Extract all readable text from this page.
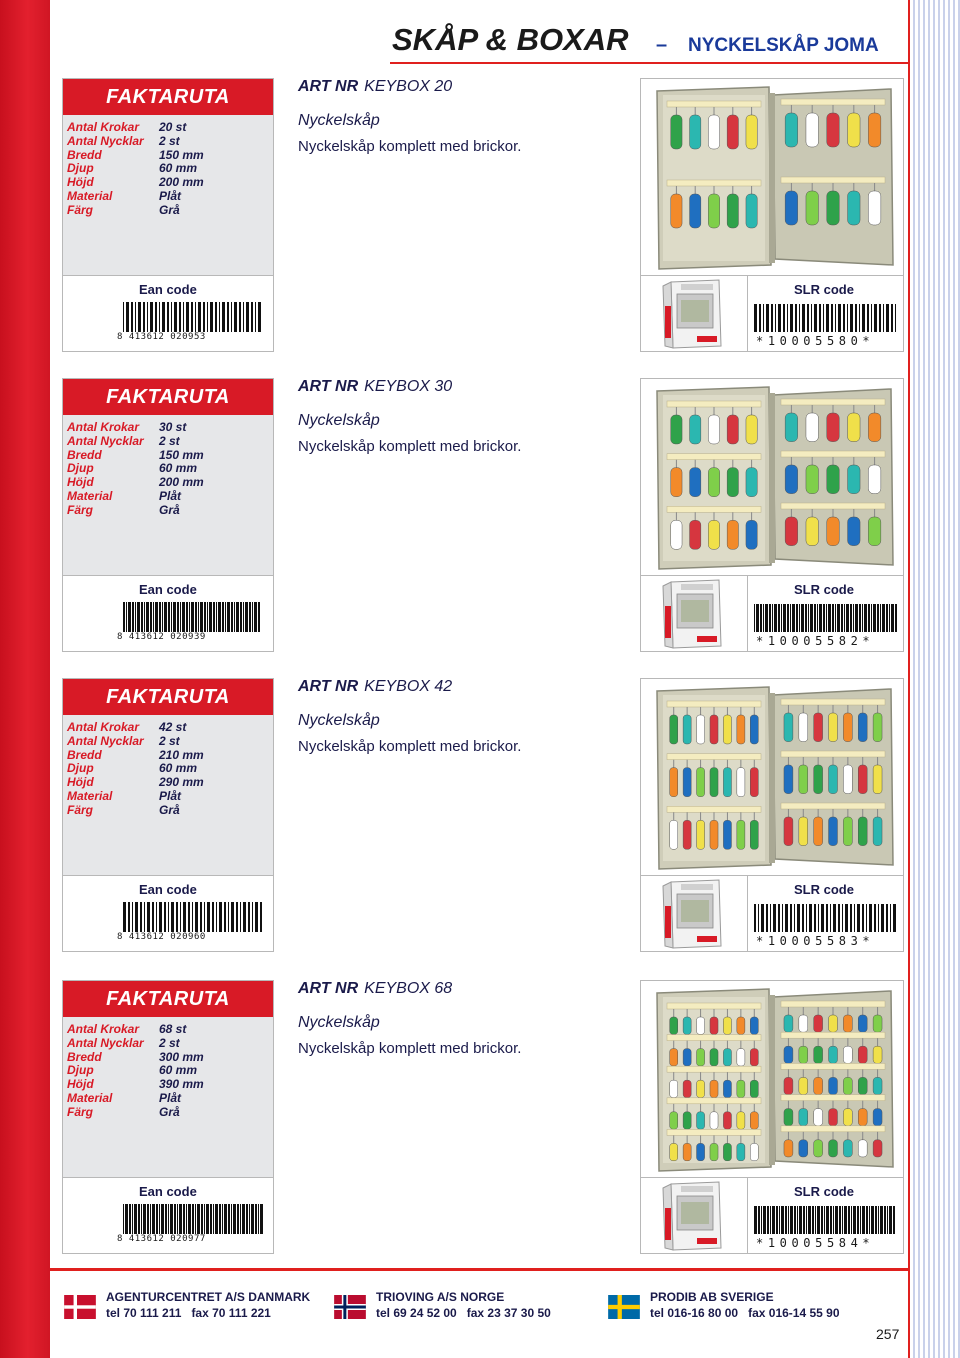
SKÅP & BOXAR – NYCKELSKÅP JOMA
FAKTARUTA
Antal Krokar	20 st
Antal Nycklar	2 st
Bredd	150 mm
Djup	60 mm
Höjd	200 mm
Material	Plåt
Färg	Grå
ART NR KEYBOX 20
Nyckelskåp
Nyckelskåp komplett med brickor.
Ean code
8 413612 020953
SLR code
*10005580*
FAKTARUTA
Antal Krokar	30 st
Antal Nycklar	2 st
Bredd	150 mm
Djup	60 mm
Höjd	200 mm
Material	Plåt
Färg	Grå
ART NR KEYBOX 30
Nyckelskåp
Nyckelskåp komplett med brickor.
Ean code
8 413612 020939
SLR code
*10005582*
FAKTARUTA
Antal Krokar	42 st
Antal Nycklar	2 st
Bredd	210 mm
Djup	60 mm
Höjd	290 mm
Material	Plåt
Färg	Grå
ART NR KEYBOX 42
Nyckelskåp
Nyckelskåp komplett med brickor.
Ean code
8 413612 020960
SLR code
*10005583*
FAKTARUTA
Antal Krokar	68 st
Antal Nycklar	2 st
Bredd	300 mm
Djup	60 mm
Höjd	390 mm
Material	Plåt
Färg	Grå
ART NR KEYBOX 68
Nyckelskåp
Nyckelskåp komplett med brickor.
Ean code
8 413612 020977
SLR code
*10005584*
AGENTURCENTRET A/S DANMARK
tel 70 111 211 fax 70 111 221
TRIOVING A/S NORGE
tel 69 24 52 00 fax 23 37 30 50
PRODIB AB SVERIGE
tel 016-16 80 00 fax 016-14 55 90
257
